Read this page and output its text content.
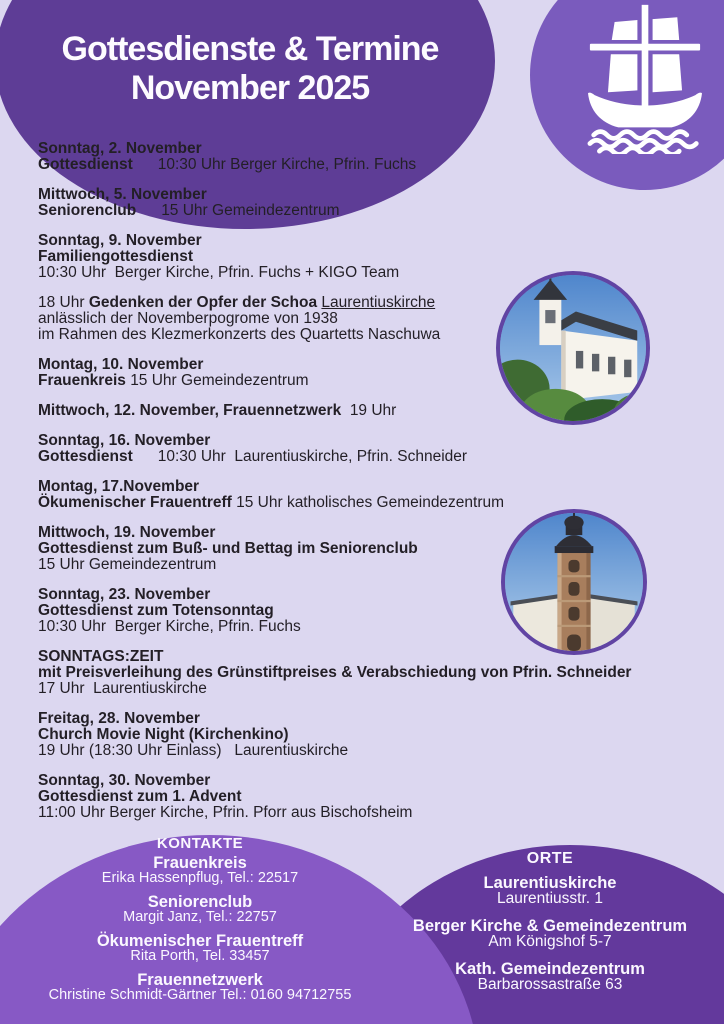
Gottesdienste & Termine
November 2025
Sonntag, 2. November
Gottesdienst 10:30 Uhr Berger Kirche, Pfrin. Fuchs
Mittwoch, 5. November
Seniorenclub 15 Uhr Gemeindezentrum
Sonntag, 9. November
Familiengottesdienst
10:30 Uhr  Berger Kirche, Pfrin. Fuchs + KIGO Team
18 Uhr Gedenken der Opfer der Schoa Laurentiuskirche
anlässlich der Novemberpogrome von 1938
im Rahmen des Klezmerkonzerts des Quartetts Naschuwa
Montag, 10. November
Frauenkreis 15 Uhr Gemeindezentrum
Mittwoch, 12. November, Frauennetzwerk  19 Uhr
Sonntag, 16. November
Gottesdienst 10:30 Uhr  Laurentiuskirche, Pfrin. Schneider
Montag, 17.November
Ökumenischer Frauentreff 15 Uhr katholisches Gemeindezentrum
Mittwoch, 19. November
Gottesdienst zum Buß- und Bettag im Seniorenclub
15 Uhr Gemeindezentrum
Sonntag, 23. November
Gottesdienst zum Totensonntag
10:30 Uhr  Berger Kirche, Pfrin. Fuchs
SONNTAGS:ZEIT
mit Preisverleihung des Grünstiftpreises & Verabschiedung von Pfrin. Schneider
17 Uhr  Laurentiuskirche
Freitag, 28. November
Church Movie Night (Kirchenkino)
19 Uhr (18:30 Uhr Einlass)   Laurentiuskirche
Sonntag, 30. November
Gottesdienst zum 1. Advent
11:00 Uhr Berger Kirche, Pfrin. Pforr aus Bischofsheim
KONTAKTE
Frauenkreis
Erika Hassenpflug, Tel.: 22517
Seniorenclub
Margit Janz, Tel.: 22757
Ökumenischer Frauentreff
Rita Porth, Tel. 33457
Frauennetzwerk
Christine Schmidt-Gärtner Tel.: 0160 94712755
ORTE
Laurentiuskirche
Laurentiusstr. 1
Berger Kirche & Gemeindezentrum
Am Königshof 5-7
Kath. Gemeindezentrum
Barbarossastraße 63
